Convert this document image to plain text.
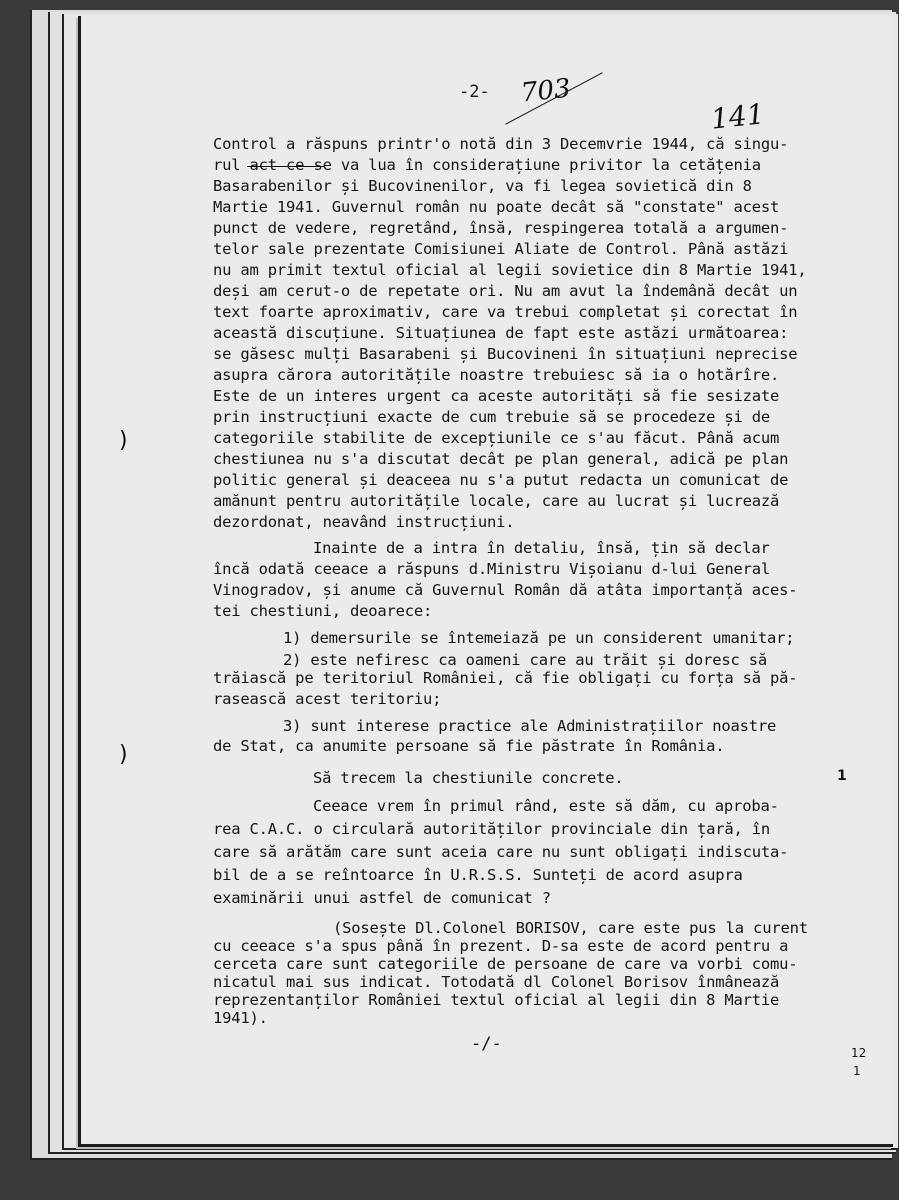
-2- 703
141
Control a răspuns printr'o notă din 3 Decemvrie 1944, că singu-
rul act ce se va lua în considerațiune privitor la cetățenia
Basarabenilor și Bucovinenilor, va fi legea sovietică din 8
Martie 1941. Guvernul român nu poate decât să "constate" acest
punct de vedere, regretând, însă, respingerea totală a argumen-
telor sale prezentate Comisiunei Aliate de Control. Până astăzi
nu am primit textul oficial al legii sovietice din 8 Martie 1941,
deși am cerut-o de repetate ori. Nu am avut la îndemână decât un
text foarte aproximativ, care va trebui completat și corectat în
această discuțiune. Situațiunea de fapt este astăzi următoarea:
se găsesc mulți Basarabeni și Bucovineni în situațiuni neprecise
asupra cărora autoritățile noastre trebuiesc să ia o hotărîre.
Este de un interes urgent ca aceste autorități să fie sesizate
prin instrucțiuni exacte de cum trebuie să se procedeze și de
categoriile stabilite de excepțiunile ce s'au făcut. Până acum
chestiunea nu s'a discutat decât pe plan general, adică pe plan
politic general și deaceea nu s'a putut redacta un comunicat de
amănunt pentru autoritățile locale, care au lucrat și lucrează
dezordonat, neavând instrucțiuni.
Inainte de a intra în detaliu, însă, țin să declar
încă odată ceeace a răspuns d.Ministru Vișoianu d-lui General
Vinogradov, și anume că Guvernul Român dă atâta importanță aces-
tei chestiuni, deoarece:
1) demersurile se întemeiază pe un considerent umanitar;
2) este nefiresc ca oameni care au trăit și doresc să
trăiască pe teritoriul României, că fie obligați cu forța să pă-
rasească acest teritoriu;
3) sunt interese practice ale Administrațiilor noastre
de Stat, ca anumite persoane să fie păstrate în România.
Să trecem la chestiunile concrete.
Ceeace vrem în primul rând, este să dăm, cu aproba-
rea C.A.C. o circulară autorităților provinciale din țară, în
care să arătăm care sunt aceia care nu sunt obligați indiscuta-
bil de a se reîntoarce în U.R.S.S. Sunteți de acord asupra
examinării unui astfel de comunicat ?
(Sosește Dl.Colonel BORISOV, care este pus la curent
cu ceeace s'a spus până în prezent. D-sa este de acord pentru a
cerceta care sunt categoriile de persoane de care va vorbi comu-
nicatul mai sus indicat. Totodată dl Colonel Borisov înmânează
reprezentanților României textul oficial al legii din 8 Martie
1941).
-/-
)
)
1
12
1
